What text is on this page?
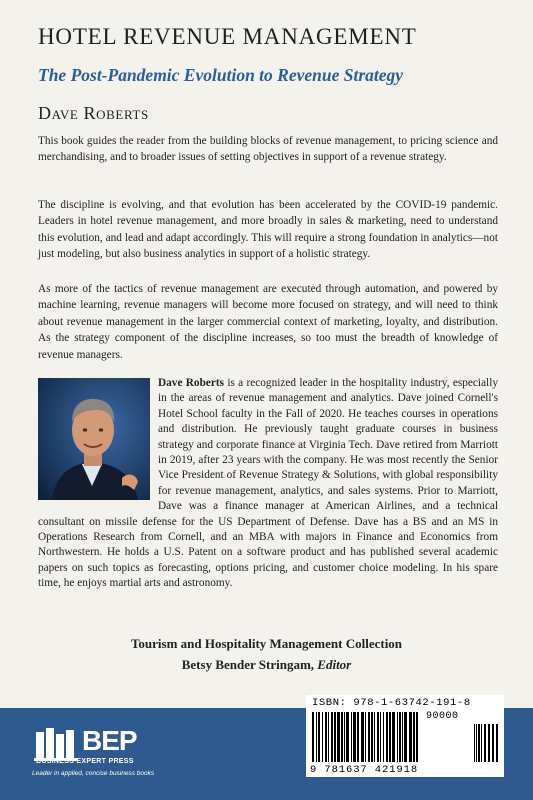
HOTEL REVENUE MANAGEMENT
The Post-Pandemic Evolution to Revenue Strategy
Dave Roberts

This book guides the reader from the building blocks of revenue management, to pricing science and merchandising, and to broader issues of setting objectives in support of a revenue strategy.

The discipline is evolving, and that evolution has been accelerated by the COVID-19 pandemic. Leaders in hotel revenue management, and more broadly in sales & marketing, need to understand this evolution, and lead and adapt accordingly. This will require a strong foundation in analytics—not just modeling, but also business analytics in support of a holistic strategy.

As more of the tactics of revenue management are executed through automation, and powered by machine learning, revenue managers will become more focused on strategy, and will need to think about revenue management in the larger commercial context of marketing, loyalty, and distribution. As the strategy component of the discipline increases, so too must the breadth of knowledge of revenue managers.

Dave Roberts is a recognized leader in the hospitality industry, especially in the areas of revenue management and analytics. Dave joined Cornell's Hotel School faculty in the Fall of 2020. He teaches courses in operations and distribution. He previously taught graduate courses in business strategy and corporate finance at Virginia Tech. Dave retired from Marriott in 2019, after 23 years with the company. He was most recently the Senior Vice President of Revenue Strategy & Solutions, with global responsibility for revenue management, analytics, and sales systems. Prior to Marriott, Dave was a finance manager at American Airlines, and a technical consultant on missile defense for the US Department of Defense. Dave has a BS and an MS in Operations Research from Cornell, and an MBA with majors in Finance and Economics from Northwestern. He holds a U.S. Patent on a software product and has published several academic papers on such topics as forecasting, options pricing, and customer choice modeling. In his spare time, he enjoys martial arts and astronomy.

Tourism and Hospitality Management Collection
Betsy Bender Stringam, Editor
BEP
BUSINESS EXPERT PRESS
Leader in applied, concise business books
ISBN: 978-1-63742-191-8
90000
9 781637 421918
